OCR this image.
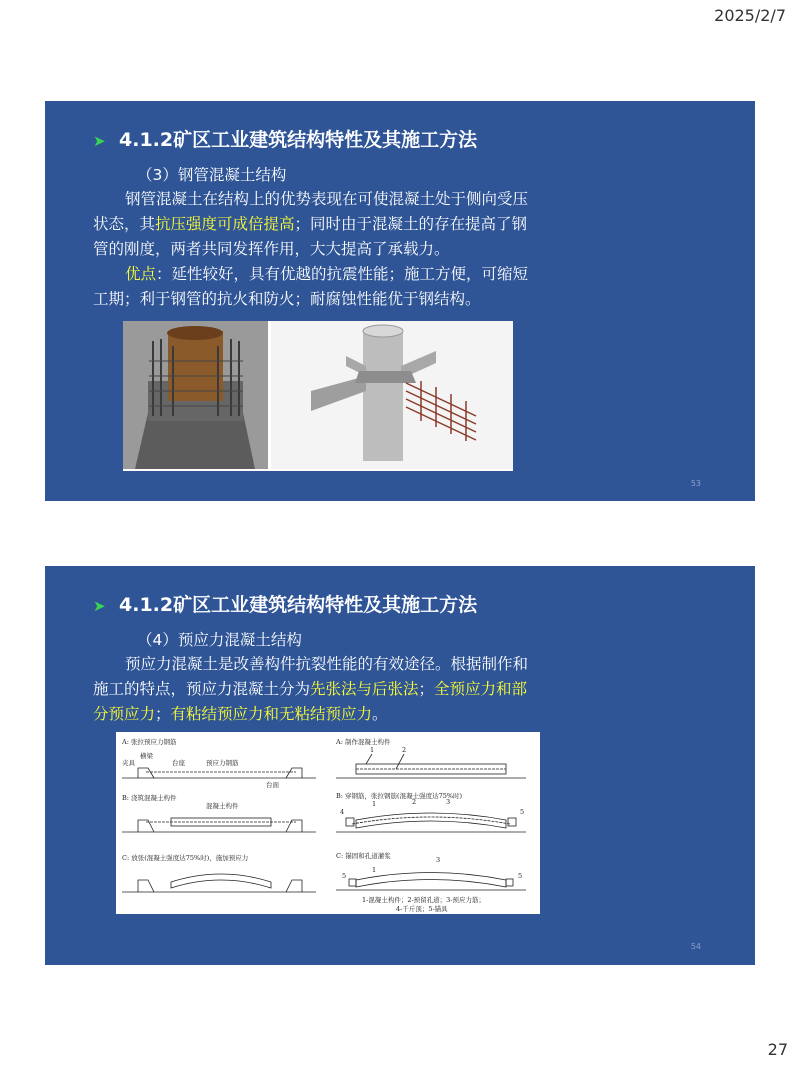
2025/2/7
➤ 4.1.2矿区工业建筑结构特性及其施工方法
（3）钢管混凝土结构
钢管混凝土在结构上的优势表现在可使混凝土处于侧向受压
状态，其抗压强度可成倍提高；同时由于混凝土的存在提高了钢
管的刚度，两者共同发挥作用，大大提高了承载力。
优点：延性较好，具有优越的抗震性能；施工方便，可缩短
工期；利于钢管的抗火和防火；耐腐蚀性能优于钢结构。
53
➤ 4.1.2矿区工业建筑结构特性及其施工方法
（4）预应力混凝土结构
预应力混凝土是改善构件抗裂性能的有效途径。根据制作和
施工的特点，预应力混凝土分为先张法与后张法；全预应力和部
分预应力；有粘结预应力和无粘结预应力。
A: 张拉预应力钢筋
夹具
横梁
台座	预应力钢筋
台面
B: 浇筑混凝土构件
混凝土构件
C: 放张(混凝土强度达75%时)，施加预应力
A: 制作混凝土构件
1	2
B: 穿钢筋，张拉钢筋(混凝土强度达75%时)
4
1	2	3
5
C: 锚固和孔道灌浆
5
1
3
5
1-混凝土构件；2-预留孔道；3-预应力筋；
4-千斤顶；5-锚具
54
27
